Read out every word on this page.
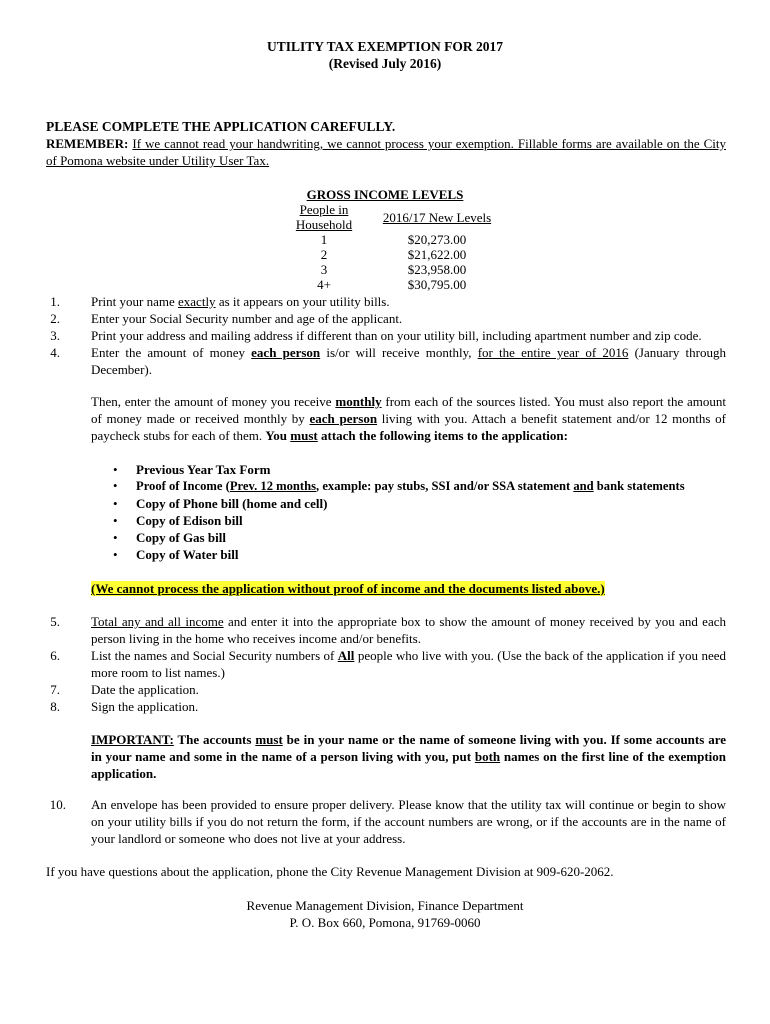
UTILITY TAX EXEMPTION FOR 2017
(Revised July 2016)
PLEASE COMPLETE THE APPLICATION CAREFULLY.
REMEMBER: If we cannot read your handwriting, we cannot process your exemption. Fillable forms are available on the City of Pomona website under Utility User Tax.
GROSS INCOME LEVELS
People in Household	2016/17 New Levels
1	$20,273.00
2	$21,622.00
3	$23,958.00
4+	$30,795.00
1. Print your name exactly as it appears on your utility bills.
2. Enter your Social Security number and age of the applicant.
3. Print your address and mailing address if different than on your utility bill, including apartment number and zip code.
4. Enter the amount of money each person is/or will receive monthly, for the entire year of 2016 (January through December).
Then, enter the amount of money you receive monthly from each of the sources listed. You must also report the amount of money made or received monthly by each person living with you. Attach a benefit statement and/or 12 months of paycheck stubs for each of them. You must attach the following items to the application:
• Previous Year Tax Form
• Proof of Income (Prev. 12 months, example: pay stubs, SSI and/or SSA statement and bank statements
• Copy of Phone bill (home and cell)
• Copy of Edison bill
• Copy of Gas bill
• Copy of Water bill
(We cannot process the application without proof of income and the documents listed above.)
5. Total any and all income and enter it into the appropriate box to show the amount of money received by you and each person living in the home who receives income and/or benefits.
6. List the names and Social Security numbers of All people who live with you. (Use the back of the application if you need more room to list names.)
7. Date the application.
8. Sign the application.
IMPORTANT: The accounts must be in your name or the name of someone living with you. If some accounts are in your name and some in the name of a person living with you, put both names on the first line of the exemption application.
10. An envelope has been provided to ensure proper delivery. Please know that the utility tax will continue or begin to show on your utility bills if you do not return the form, if the account numbers are wrong, or if the accounts are in the name of your landlord or someone who does not live at your address.
If you have questions about the application, phone the City Revenue Management Division at 909-620-2062.
Revenue Management Division, Finance Department
P. O. Box 660, Pomona, 91769-0060
